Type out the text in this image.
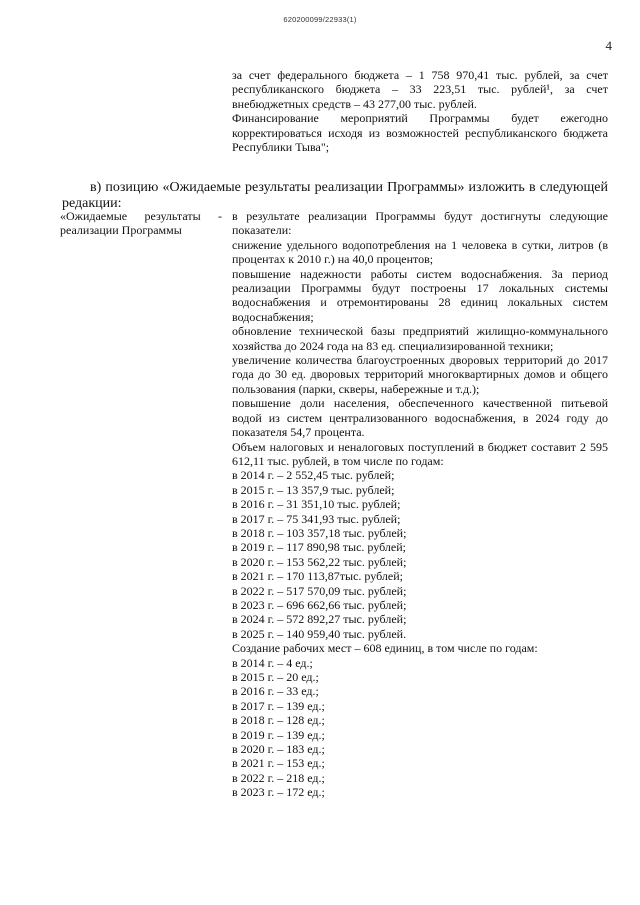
620200099/22933(1)
4

за счет федерального бюджета – 1 758 970,41 тыс. рублей, за счет республиканского бюджета – 33 223,51 тыс. рублей¹, за счет внебюджетных средств – 43 277,00 тыс. рублей.

Финансирование мероприятий Программы будет ежегодно корректироваться исходя из возможностей республиканского бюджета Республики Тыва";

в) позицию «Ожидаемые результаты реализации Программы» изложить в следующей редакции:

«Ожидаемые результаты - реализации Программы

в результате реализации Программы будут достигнуты следующие показатели:

снижение удельного водопотребления на 1 человека в сутки, литров (в процентах к 2010 г.) на 40,0 процентов;

повышение надежности работы систем водоснабжения. За период реализации Программы будут построены 17 локальных системы водоснабжения и отремонтированы 28 единиц локальных систем водоснабжения;

обновление технической базы предприятий жилищно-коммунального хозяйства до 2024 года на 83 ед. специализированной техники;

увеличение количества благоустроенных дворовых территорий до 2017 года до 30 ед. дворовых территорий многоквартирных домов и общего пользования (парки, скверы, набережные и т.д.);

повышение доли населения, обеспеченного качественной питьевой водой из систем централизованного водоснабжения, в 2024 году до показателя 54,7 процента.

Объем налоговых и неналоговых поступлений в бюджет составит 2 595 612,11 тыс. рублей, в том числе по годам:

в 2014 г. – 2 552,45 тыс. рублей;
в 2015 г. – 13 357,9 тыс. рублей;
в 2016 г. – 31 351,10 тыс. рублей;
в 2017 г. – 75 341,93 тыс. рублей;
в 2018 г. – 103 357,18 тыс. рублей;
в 2019 г. – 117 890,98 тыс. рублей;
в 2020 г. – 153 562,22 тыс. рублей;
в 2021 г. – 170 113,87тыс. рублей;
в 2022 г. – 517 570,09 тыс. рублей;
в 2023 г. – 696 662,66 тыс. рублей;
в 2024 г. – 572 892,27 тыс. рублей;
в 2025 г. – 140 959,40 тыс. рублей.

Создание рабочих мест – 608 единиц, в том числе по годам:

в 2014 г. – 4 ед.;
в 2015 г. – 20 ед.;
в 2016 г. – 33 ед.;
в 2017 г. – 139 ед.;
в 2018 г. – 128 ед.;
в 2019 г. – 139 ед.;
в 2020 г. – 183 ед.;
в 2021 г. – 153 ед.;
в 2022 г. – 218 ед.;
в 2023 г. – 172 ед.;
